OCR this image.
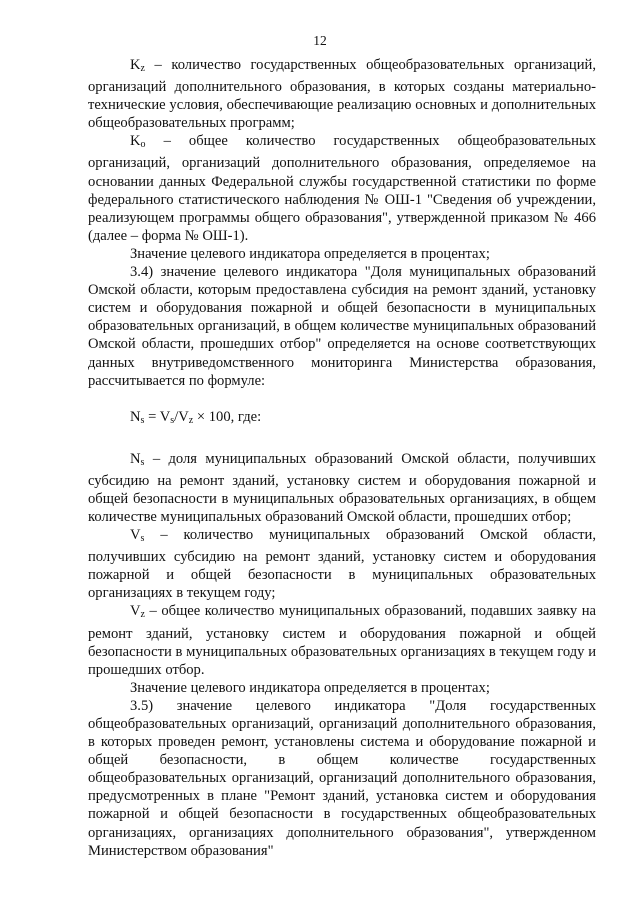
12

$K_z$ – количество государственных общеобразовательных организаций, организаций дополнительного образования, в которых созданы материально-технические условия, обеспечивающие реализацию основных и дополнительных общеобразовательных программ;

$K_o$ – общее количество государственных общеобразовательных организаций, организаций дополнительного образования, определяемое на основании данных Федеральной службы государственной статистики по форме федерального статистического наблюдения № ОШ-1 "Сведения об учреждении, реализующем программы общего образования", утвержденной приказом № 466 (далее – форма № ОШ-1).

Значение целевого индикатора определяется в процентах;

3.4) значение целевого индикатора "Доля муниципальных образований Омской области, которым предоставлена субсидия на ремонт зданий, установку систем и оборудования пожарной и общей безопасности в муниципальных образовательных организаций, в общем количестве муниципальных образований Омской области, прошедших отбор" определяется на основе соответствующих данных внутриведомственного мониторинга Министерства образования, рассчитывается по формуле:

$N_s = V_s/V_z \times 100$, где:

$N_s$ – доля муниципальных образований Омской области, получивших субсидию на ремонт зданий, установку систем и оборудования пожарной и общей безопасности в муниципальных образовательных организациях, в общем количестве муниципальных образований Омской области, прошедших отбор;

$V_s$ – количество муниципальных образований Омской области, получивших субсидию на ремонт зданий, установку систем и оборудования пожарной и общей безопасности в муниципальных образовательных организациях в текущем году;

$V_z$ – общее количество муниципальных образований, подавших заявку на ремонт зданий, установку систем и оборудования пожарной и общей безопасности в муниципальных образовательных организациях в текущем году и прошедших отбор.

Значение целевого индикатора определяется в процентах;

3.5) значение целевого индикатора "Доля государственных общеобразовательных организаций, организаций дополнительного образования, в которых проведен ремонт, установлены система и оборудование пожарной и общей безопасности, в общем количестве государственных общеобразовательных организаций, организаций дополнительного образования, предусмотренных в плане "Ремонт зданий, установка систем и оборудования пожарной и общей безопасности в государственных общеобразовательных организациях, организациях дополнительного образования", утвержденном Министерством образования"
